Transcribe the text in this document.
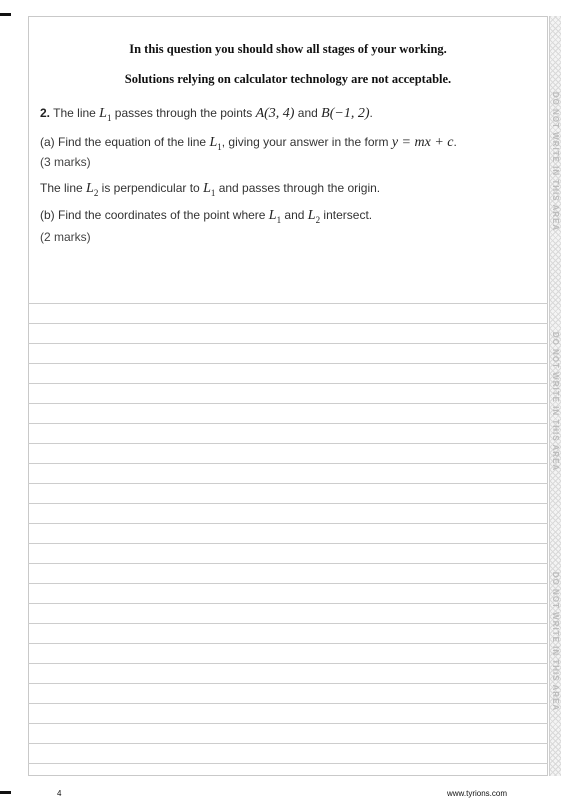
DO NOT WRITE IN THIS AREA
DO NOT WRITE IN THIS AREA
DO NOT WRITE IN THIS AREA
In this question you should show all stages of your working.
Solutions relying on calculator technology are not acceptable.
2. The line $L_1$ passes through the points A(3, 4) and B(−1, 2).
(a) Find the equation of the line $L_1$, giving your answer in the form y = mx + c.
(3 marks)
The line $L_2$ is perpendicular to $L_1$ and passes through the origin.
(b) Find the coordinates of the point where $L_1$ and $L_2$ intersect.
(2 marks)
4	www.tyrions.com
